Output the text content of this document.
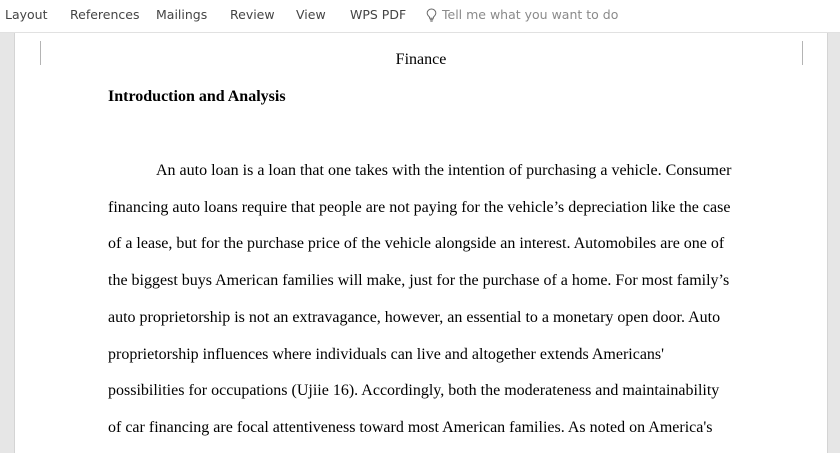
Layout References Mailings Review View WPS PDF	Tell me what you want to do
Finance
Introduction and Analysis
An auto loan is a loan that one takes with the intention of purchasing a vehicle. Consumer
financing auto loans require that people are not paying for the vehicle’s depreciation like the case
of a lease, but for the purchase price of the vehicle alongside an interest. Automobiles are one of
the biggest buys American families will make, just for the purchase of a home. For most family’s
auto proprietorship is not an extravagance, however, an essential to a monetary open door. Auto
proprietorship influences where individuals can live and altogether extends Americans'
possibilities for occupations (Ujiie 16). Accordingly, both the moderateness and maintainability
of car financing are focal attentiveness toward most American families. As noted on America's
